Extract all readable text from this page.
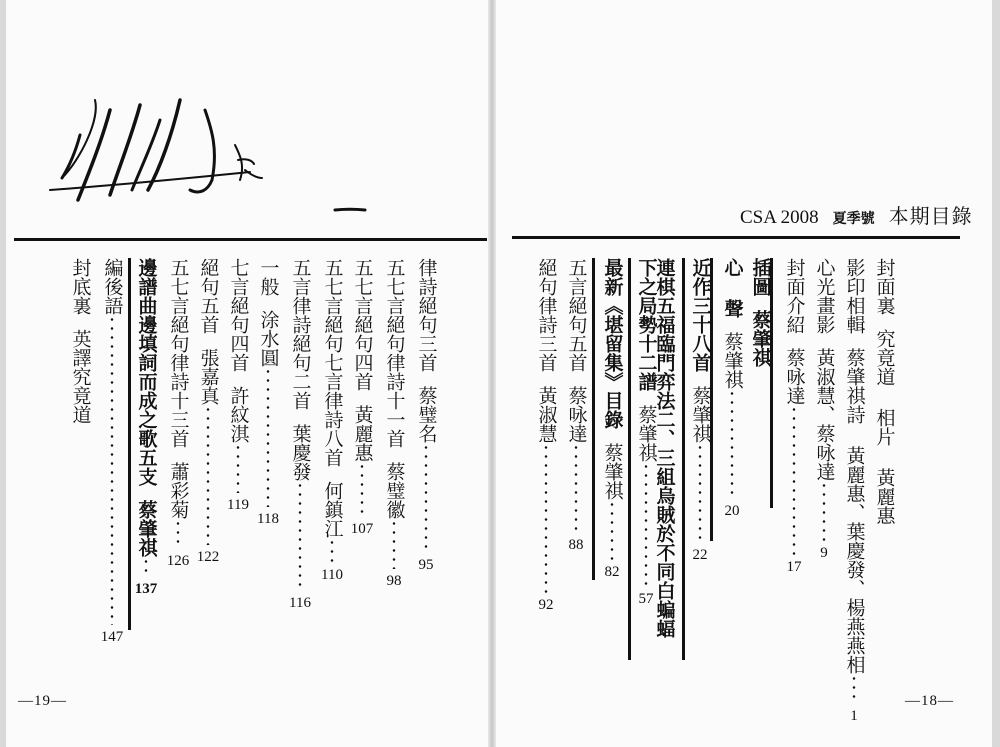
CSA 2008 夏季號 本期目錄
封面裏
究竟道 相片 黃麗惠
影印相輯
蔡肇祺詩 黃麗惠、葉慶發、楊燕燕相
1
心光畫影
黃淑慧、蔡咏達
9
封面介紹
蔡咏達
17
插圖
蔡肇祺
心 聲
蔡肇祺
20
近作三十八首
蔡肇祺
22
連棋五福臨門弈法二、三組烏賊於不同白蝙蝠
下之局勢十二譜
蔡肇祺
57
最新《堪留集》目錄
蔡肇祺
82
五言絕句五首
蔡咏達
88
絕句律詩三首
黃淑慧
92
律詩絕句三首
蔡璧名
95
五七言絕句律詩十一首
蔡璧徽
98
五七言絕句四首
黃麗惠
107
五七言絕句七言律詩八首
何鎮江
110
五言律詩絕句二首
葉慶發
116
一般
涂水圓
118
七言絕句四首
許紋淇
119
絕句五首
張嘉真
122
五七言絕句律詩十三首
蕭彩菊
126
邊譜曲邊填詞而成之歌五支
蔡肇祺
137
編後語
147
封底裏
英譯究竟道
—19—	—18—
